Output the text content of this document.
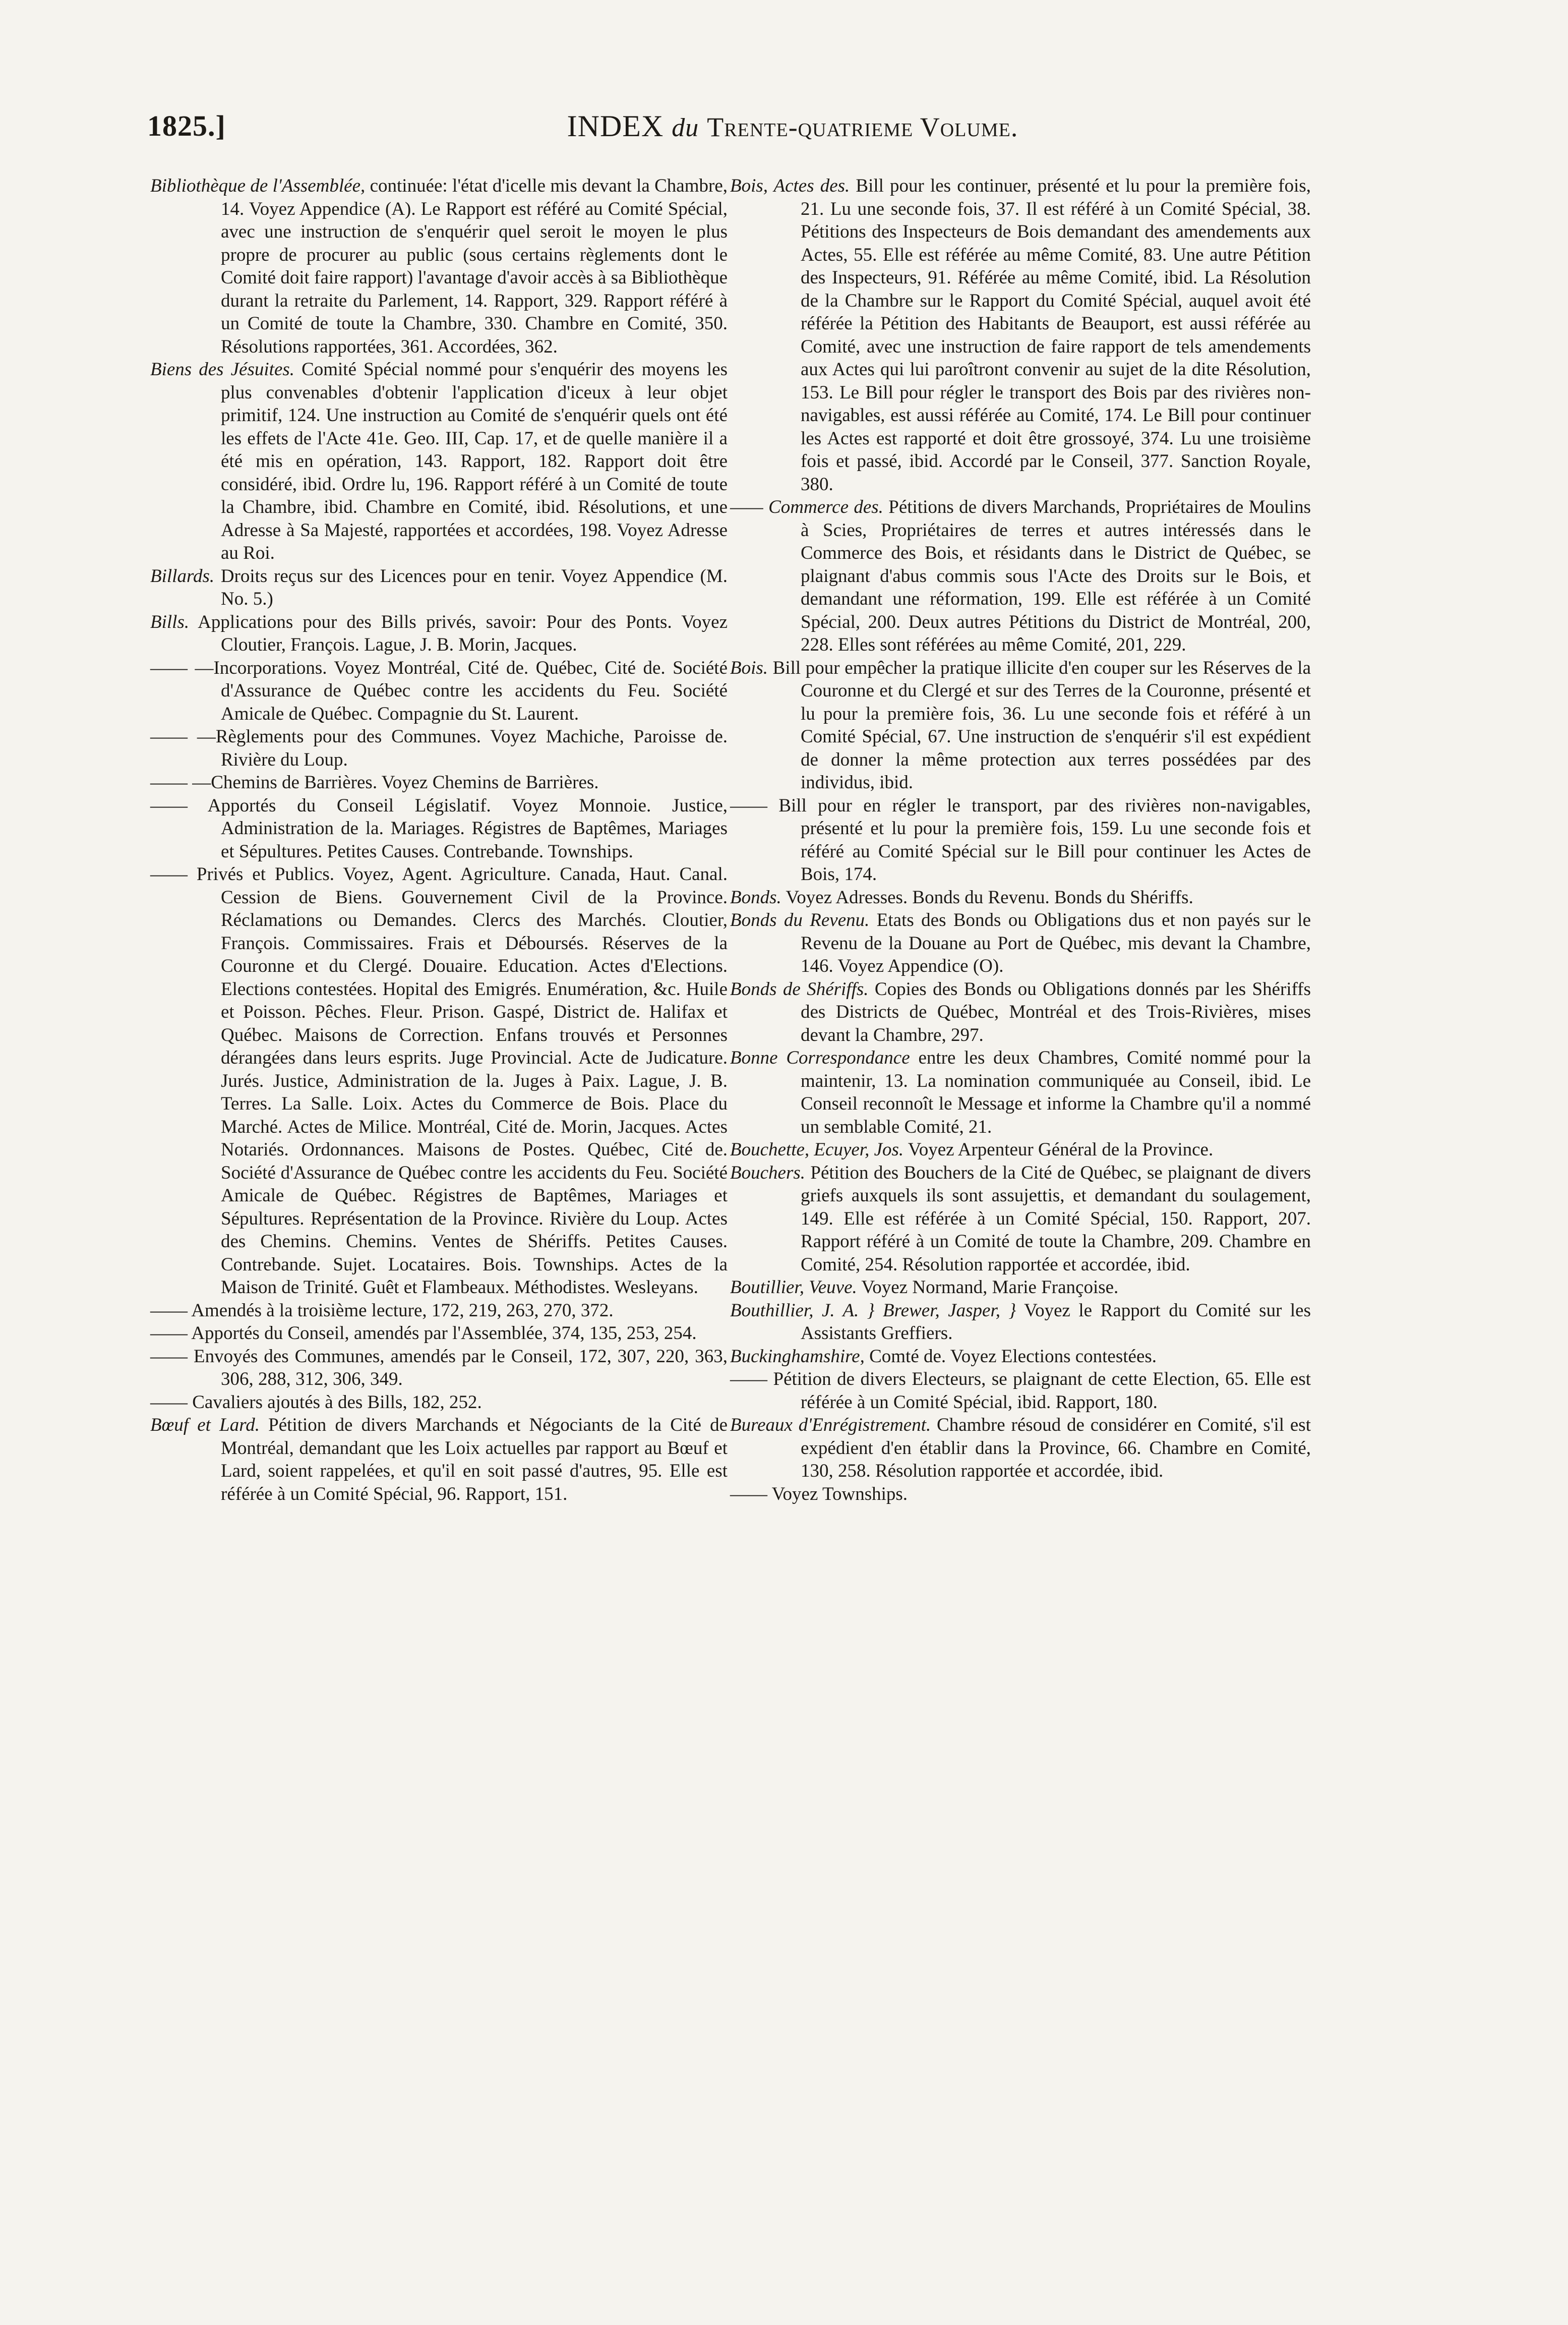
1825.]	INDEX du Trente-quatrieme Volume.

Bibliothèque de l'Assemblée, continuée: l'état d'icelle mis devant la Chambre, 14. Voyez Appendice (A). Le Rapport est référé au Comité Spécial, avec une instruction de s'enquérir quel seroit le moyen le plus propre de procurer au public (sous certains règlements dont le Comité doit faire rapport) l'avantage d'avoir accès à sa Bibliothèque durant la retraite du Parlement, 14. Rapport, 329. Rapport référé à un Comité de toute la Chambre, 330. Chambre en Comité, 350. Résolutions rapportées, 361. Accordées, 362.

Biens des Jésuites. Comité Spécial nommé pour s'enquérir des moyens les plus convenables d'obtenir l'application d'iceux à leur objet primitif, 124. Une instruction au Comité de s'enquérir quels ont été les effets de l'Acte 41e. Geo. III, Cap. 17, et de quelle manière il a été mis en opération, 143. Rapport, 182. Rapport doit être considéré, ibid. Ordre lu, 196. Rapport référé à un Comité de toute la Chambre, ibid. Chambre en Comité, ibid. Résolutions, et une Adresse à Sa Majesté, rapportées et accordées, 198. Voyez Adresse au Roi.

Billards. Droits reçus sur des Licences pour en tenir. Voyez Appendice (M. No. 5.)

Bills. Applications pour des Bills privés, savoir: Pour des Ponts. Voyez Cloutier, François. Lague, J. B. Morin, Jacques.

—— —Incorporations. Voyez Montréal, Cité de. Québec, Cité de. Société d'Assurance de Québec contre les accidents du Feu. Société Amicale de Québec. Compagnie du St. Laurent.

—— —Règlements pour des Communes. Voyez Machiche, Paroisse de. Rivière du Loup.

—— —Chemins de Barrières. Voyez Chemins de Barrières.

—— Apportés du Conseil Législatif. Voyez Monnoie. Justice, Administration de la. Mariages. Régistres de Baptêmes, Mariages et Sépultures. Petites Causes. Contrebande. Townships.

—— Privés et Publics. Voyez, Agent. Agriculture. Canada, Haut. Canal. Cession de Biens. Gouvernement Civil de la Province. Réclamations ou Demandes. Clercs des Marchés. Cloutier, François. Commissaires. Frais et Déboursés. Réserves de la Couronne et du Clergé. Douaire. Education. Actes d'Elections. Elections contestées. Hopital des Emigrés. Enumération, &c. Huile et Poisson. Pêches. Fleur. Prison. Gaspé, District de. Halifax et Québec. Maisons de Correction. Enfans trouvés et Personnes dérangées dans leurs esprits. Juge Provincial. Acte de Judicature. Jurés. Justice, Administration de la. Juges à Paix. Lague, J. B. Terres. La Salle. Loix. Actes du Commerce de Bois. Place du Marché. Actes de Milice. Montréal, Cité de. Morin, Jacques. Actes Notariés. Ordonnances. Maisons de Postes. Québec, Cité de. Société d'Assurance de Québec contre les accidents du Feu. Société Amicale de Québec. Régistres de Baptêmes, Mariages et Sépultures. Représentation de la Province. Rivière du Loup. Actes des Chemins. Chemins. Ventes de Shériffs. Petites Causes. Contrebande. Sujet. Locataires. Bois. Townships. Actes de la Maison de Trinité. Guêt et Flambeaux. Méthodistes. Wesleyans.

—— Amendés à la troisième lecture, 172, 219, 263, 270, 372.

—— Apportés du Conseil, amendés par l'Assemblée, 374, 135, 253, 254.

—— Envoyés des Communes, amendés par le Conseil, 172, 307, 220, 363, 306, 288, 312, 306, 349.

—— Cavaliers ajoutés à des Bills, 182, 252.

Bœuf et Lard. Pétition de divers Marchands et Négociants de la Cité de Montréal, demandant que les Loix actuelles par rapport au Bœuf et Lard, soient rappelées, et qu'il en soit passé d'autres, 95. Elle est référée à un Comité Spécial, 96. Rapport, 151.

Bois, Actes des. Bill pour les continuer, présenté et lu pour la première fois, 21. Lu une seconde fois, 37. Il est référé à un Comité Spécial, 38. Pétitions des Inspecteurs de Bois demandant des amendements aux Actes, 55. Elle est référée au même Comité, 83. Une autre Pétition des Inspecteurs, 91. Référée au même Comité, ibid. La Résolution de la Chambre sur le Rapport du Comité Spécial, auquel avoit été référée la Pétition des Habitants de Beauport, est aussi référée au Comité, avec une instruction de faire rapport de tels amendements aux Actes qui lui paroîtront convenir au sujet de la dite Résolution, 153. Le Bill pour régler le transport des Bois par des rivières non-navigables, est aussi référée au Comité, 174. Le Bill pour continuer les Actes est rapporté et doit être grossoyé, 374. Lu une troisième fois et passé, ibid. Accordé par le Conseil, 377. Sanction Royale, 380.

—— Commerce des. Pétitions de divers Marchands, Propriétaires de Moulins à Scies, Propriétaires de terres et autres intéressés dans le Commerce des Bois, et résidants dans le District de Québec, se plaignant d'abus commis sous l'Acte des Droits sur le Bois, et demandant une réformation, 199. Elle est référée à un Comité Spécial, 200. Deux autres Pétitions du District de Montréal, 200, 228. Elles sont référées au même Comité, 201, 229.

Bois. Bill pour empêcher la pratique illicite d'en couper sur les Réserves de la Couronne et du Clergé et sur des Terres de la Couronne, présenté et lu pour la première fois, 36. Lu une seconde fois et référé à un Comité Spécial, 67. Une instruction de s'enquérir s'il est expédient de donner la même protection aux terres possédées par des individus, ibid.

—— Bill pour en régler le transport, par des rivières non-navigables, présenté et lu pour la première fois, 159. Lu une seconde fois et référé au Comité Spécial sur le Bill pour continuer les Actes de Bois, 174.

Bonds. Voyez Adresses. Bonds du Revenu. Bonds du Shériffs.

Bonds du Revenu. Etats des Bonds ou Obligations dus et non payés sur le Revenu de la Douane au Port de Québec, mis devant la Chambre, 146. Voyez Appendice (O).

Bonds de Shériffs. Copies des Bonds ou Obligations donnés par les Shériffs des Districts de Québec, Montréal et des Trois-Rivières, mises devant la Chambre, 297.

Bonne Correspondance entre les deux Chambres, Comité nommé pour la maintenir, 13. La nomination communiquée au Conseil, ibid. Le Conseil reconnoît le Message et informe la Chambre qu'il a nommé un semblable Comité, 21.

Bouchette, Ecuyer, Jos. Voyez Arpenteur Général de la Province.

Bouchers. Pétition des Bouchers de la Cité de Québec, se plaignant de divers griefs auxquels ils sont assujettis, et demandant du soulagement, 149. Elle est référée à un Comité Spécial, 150. Rapport, 207. Rapport référé à un Comité de toute la Chambre, 209. Chambre en Comité, 254. Résolution rapportée et accordée, ibid.

Boutillier, Veuve. Voyez Normand, Marie Françoise.

Bouthillier, J. A. } Brewer, Jasper, } Voyez le Rapport du Comité sur les Assistants Greffiers.

Buckinghamshire, Comté de. Voyez Elections contestées.

—— Pétition de divers Electeurs, se plaignant de cette Election, 65. Elle est référée à un Comité Spécial, ibid. Rapport, 180.

Bureaux d'Enrégistrement. Chambre résoud de considérer en Comité, s'il est expédient d'en établir dans la Province, 66. Chambre en Comité, 130, 258. Résolution rapportée et accordée, ibid.

—— Voyez Townships.
